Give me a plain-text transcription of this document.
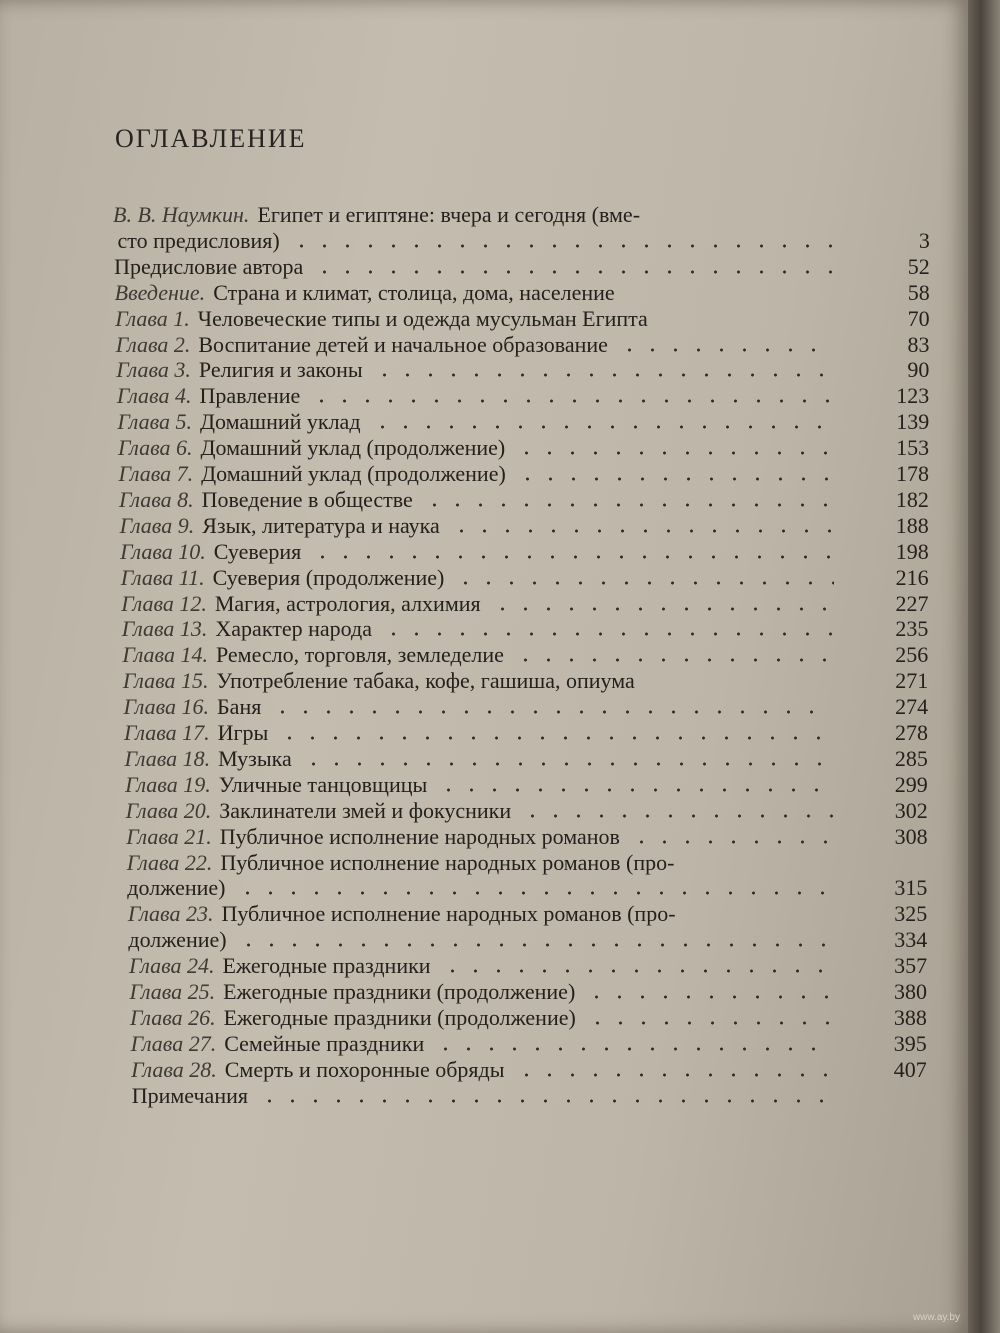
ОГЛАВЛЕНИЕ
В. В. Наумкин. Египет и египтяне: вчера и сегодня (вме-
сто предисловия)	3
Предисловие автора	52
Введение. Страна и климат, столица, дома, население	58
Глава 1. Человеческие типы и одежда мусульман Египта	70
Глава 2. Воспитание детей и начальное образование	83
Глава 3. Религия и законы	90
Глава 4. Правление	123
Глава 5. Домашний уклад	139
Глава 6. Домашний уклад (продолжение)	153
Глава 7. Домашний уклад (продолжение)	178
Глава 8. Поведение в обществе	182
Глава 9. Язык, литература и наука	188
Глава 10. Суеверия	198
Глава 11. Суеверия (продолжение)	216
Глава 12. Магия, астрология, алхимия	227
Глава 13. Характер народа	235
Глава 14. Ремесло, торговля, земледелие	256
Глава 15. Употребление табака, кофе, гашиша, опиума	271
Глава 16. Баня	274
Глава 17. Игры	278
Глава 18. Музыка	285
Глава 19. Уличные танцовщицы	299
Глава 20. Заклинатели змей и фокусники	302
Глава 21. Публичное исполнение народных романов	308
Глава 22. Публичное исполнение народных романов (про-
должение)	315
Глава 23. Публичное исполнение народных романов (про-	325
должение)	334
Глава 24. Ежегодные праздники	357
Глава 25. Ежегодные праздники (продолжение)	380
Глава 26. Ежегодные праздники (продолжение)	388
Глава 27. Семейные праздники	395
Глава 28. Смерть и похоронные обряды	407
Примечания
www.ay.by
